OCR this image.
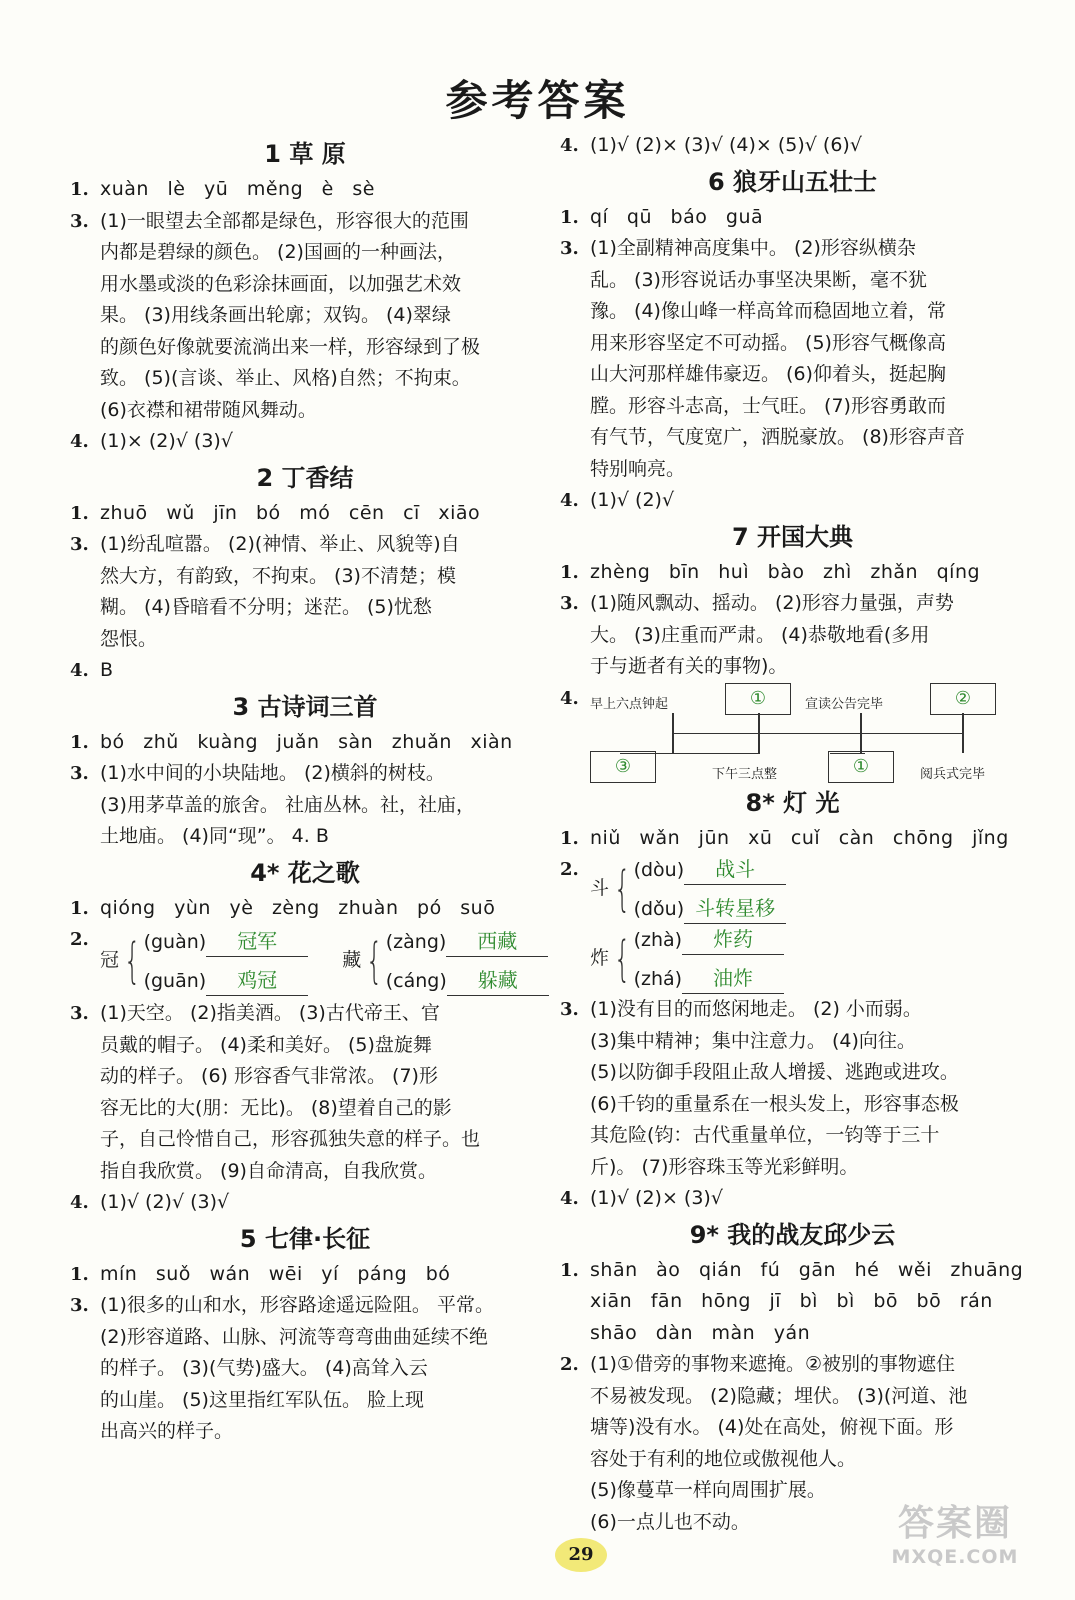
参考答案
1 草 原
1. xuàn lè yū měng è sè
3. (1)一眼望去全部都是绿色，形容很大的范围
内都是碧绿的颜色。 (2)国画的一种画法，
用水墨或淡的色彩涂抹画面，以加强艺术效
果。 (3)用线条画出轮廓；双钩。 (4)翠绿
的颜色好像就要流淌出来一样，形容绿到了极
致。 (5)(言谈、举止、风格)自然；不拘束。
(6)衣襟和裙带随风舞动。
4. (1)× (2)√ (3)√
2 丁香结
1. zhuō wǔ jīn bó mó cēn cī xiāo
3. (1)纷乱喧嚣。 (2)(神情、举止、风貌等)自
然大方，有韵致，不拘束。 (3)不清楚；模
糊。 (4)昏暗看不分明；迷茫。 (5)忧愁
怨恨。
4. B
3 古诗词三首
1. bó zhǔ kuàng juǎn sàn zhuǎn xiàn
3. (1)水中间的小块陆地。 (2)横斜的树枝。
(3)用茅草盖的旅舍。 社庙丛林。社，社庙，
土地庙。 (4)同“现”。 4. B
4* 花之歌
1. qióng yùn yè zèng zhuàn pó suō
2.
冠 { (guàn) 冠军
(guān) 鸡冠
藏 { (zàng) 西藏
(cáng) 躲藏
3. (1)天空。 (2)指美酒。 (3)古代帝王、官
员戴的帽子。 (4)柔和美好。 (5)盘旋舞
动的样子。 (6) 形容香气非常浓。 (7)形
容无比的大(朋：无比)。 (8)望着自己的影
子，自己怜惜自己，形容孤独失意的样子。也
指自我欣赏。 (9)自命清高，自我欣赏。
4. (1)√ (2)√ (3)√
5 七律·长征
1. mín suǒ wán wēi yí páng bó
3. (1)很多的山和水，形容路途遥远险阻。 平常。
(2)形容道路、山脉、河流等弯弯曲曲延续不绝
的样子。 (3)(气势)盛大。 (4)高耸入云
的山崖。 (5)这里指红军队伍。 脸上现
出高兴的样子。
4. (1)√ (2)× (3)√ (4)× (5)√ (6)√
6 狼牙山五壮士
1. qí qū báo guā
3. (1)全副精神高度集中。 (2)形容纵横杂
乱。 (3)形容说话办事坚决果断，毫不犹
豫。 (4)像山峰一样高耸而稳固地立着，常
用来形容坚定不可动摇。 (5)形容气概像高
山大河那样雄伟豪迈。 (6)仰着头，挺起胸
膛。形容斗志高，士气旺。 (7)形容勇敢而
有气节，气度宽广，洒脱豪放。 (8)形容声音
特别响亮。
4. (1)√ (2)√
7 开国大典
1. zhèng bīn huì bào zhì zhǎn qíng
3. (1)随风飘动、摇动。 (2)形容力量强，声势
大。 (3)庄重而严肃。 (4)恭敬地看(多用
于与逝者有关的事物)。
4. 早上六点钟起	①	宣读公告完毕	②
③	下午三点整	①	阅兵式完毕
8* 灯 光
1. niǔ wǎn jūn xū cuǐ càn chōng jǐng
2.
斗 { (dòu) 战斗
(dǒu) 斗转星移
炸 { (zhà) 炸药
(zhá) 油炸
3. (1)没有目的而悠闲地走。 (2) 小而弱。
(3)集中精神；集中注意力。 (4)向往。
(5)以防御手段阻止敌人增援、逃跑或进攻。
(6)千钧的重量系在一根头发上，形容事态极
其危险(钧：古代重量单位，一钧等于三十
斤)。 (7)形容珠玉等光彩鲜明。
4. (1)√ (2)× (3)√
9* 我的战友邱少云
1. shān ào qián fú gān hé wěi zhuāng
xiān fān hōng jī bì bì bō bō rán
shāo dàn màn yán
2. (1)①借旁的事物来遮掩。②被别的事物遮住
不易被发现。 (2)隐藏；埋伏。 (3)(河道、池
塘等)没有水。 (4)处在高处，俯视下面。形
容处于有利的地位或傲视他人。
(5)像蔓草一样向周围扩展。
(6)一点儿也不动。
29
答案圈
MXQE.COM
